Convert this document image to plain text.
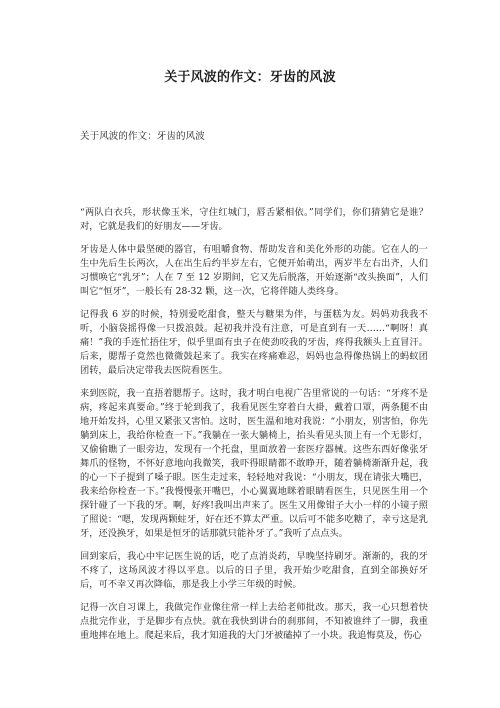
关于风波的作文：牙齿的风波
关于风波的作文：牙齿的风波

“两队白衣兵，形状像玉米，守住红城门，唇舌紧相依。”同学们，你们猜猜它是谁？对，它就是我们的好朋友——牙齿。

牙齿是人体中最坚硬的器官，有咀嚼食物、帮助发音和美化外形的功能。它在人的一生中先后生长两次，人在出生后约半岁左右，它便开始萌出，两岁半左右出齐，人们习惯唤它“乳牙”；人在 7 至 12 岁期间，它又先后脱落，开始逐渐“改头换面”，人们叫它“恒牙”，一般长有 28-32 颗，这一次，它将伴随人类终身。

记得我 6 岁的时候，特别爱吃甜食，整天与糖果为伴，与蛋糕为友。妈妈劝我我不听，小脑袋摇得像一只拨浪鼓。起初我并没有注意，可是直到有一天……“啊呀！真痛！”我的手连忙捂住牙，似乎里面有虫子在使劲咬我的牙齿，疼得我额头上直冒汗。后来，腮帮子竟然也微微鼓起来了。我实在疼痛难忍，妈妈也急得像热锅上的蚂蚁团团转，最后决定带我去医院看医生。

来到医院，我一直捂着腮帮子。这时，我才明白电视广告里常说的一句话：“牙疼不是病，疼起来真要命。”终于轮到我了，我看见医生穿着白大褂，戴着口罩，两条腿不由地开始发抖，心里又紧张又害怕。这时，医生温和地对我说：“小朋友，别害怕，你先躺到床上，我给你检查一下。”我躺在一张大躺椅上，抬头看见头顶上有一个无影灯，又偷偷瞧了一眼旁边，发现有一个托盘，里面放着一套医疗器械。这些东西好像张牙舞爪的怪物，不怀好意地向我微笑，我吓得眼睛都不敢睁开，随着躺椅渐渐升起，我的心一下子提到了嗓子眼。医生走过来，轻轻地对我说：“小朋友，现在请张大嘴巴，我来给你检查一下。”我慢慢张开嘴巴，小心翼翼地眯着眼睛看医生，只见医生用一个探针碰了一下我的牙。啊，好疼!我叫出声来了。医生又用像钳子大小一样的小镜子照了照说：“嗯，发现两颗蛀牙，好在还不算太严重。以后可不能多吃糖了，幸亏这是乳牙，还没换牙，如果是恒牙的话那就只能补牙了。”我听了点点头。

回到家后，我心中牢记医生说的话，吃了点消炎药，早晚坚持刷牙。渐渐的，我的牙不疼了，这场风波才得以平息。以后的日子里，我开始少吃甜食，直到全部换好牙后，可不幸又再次降临，那是我上小学三年级的时候。

记得一次自习课上，我做完作业像往常一样上去给老师批改。那天，我一心只想着快点批完作业，于是脚步有点快。就在我快到讲台的刹那间，不知被谁绊了一脚，我重重地摔在地上。爬起来后，我才知道我的大门牙被磕掉了一小块。我追悔莫及，伤心
